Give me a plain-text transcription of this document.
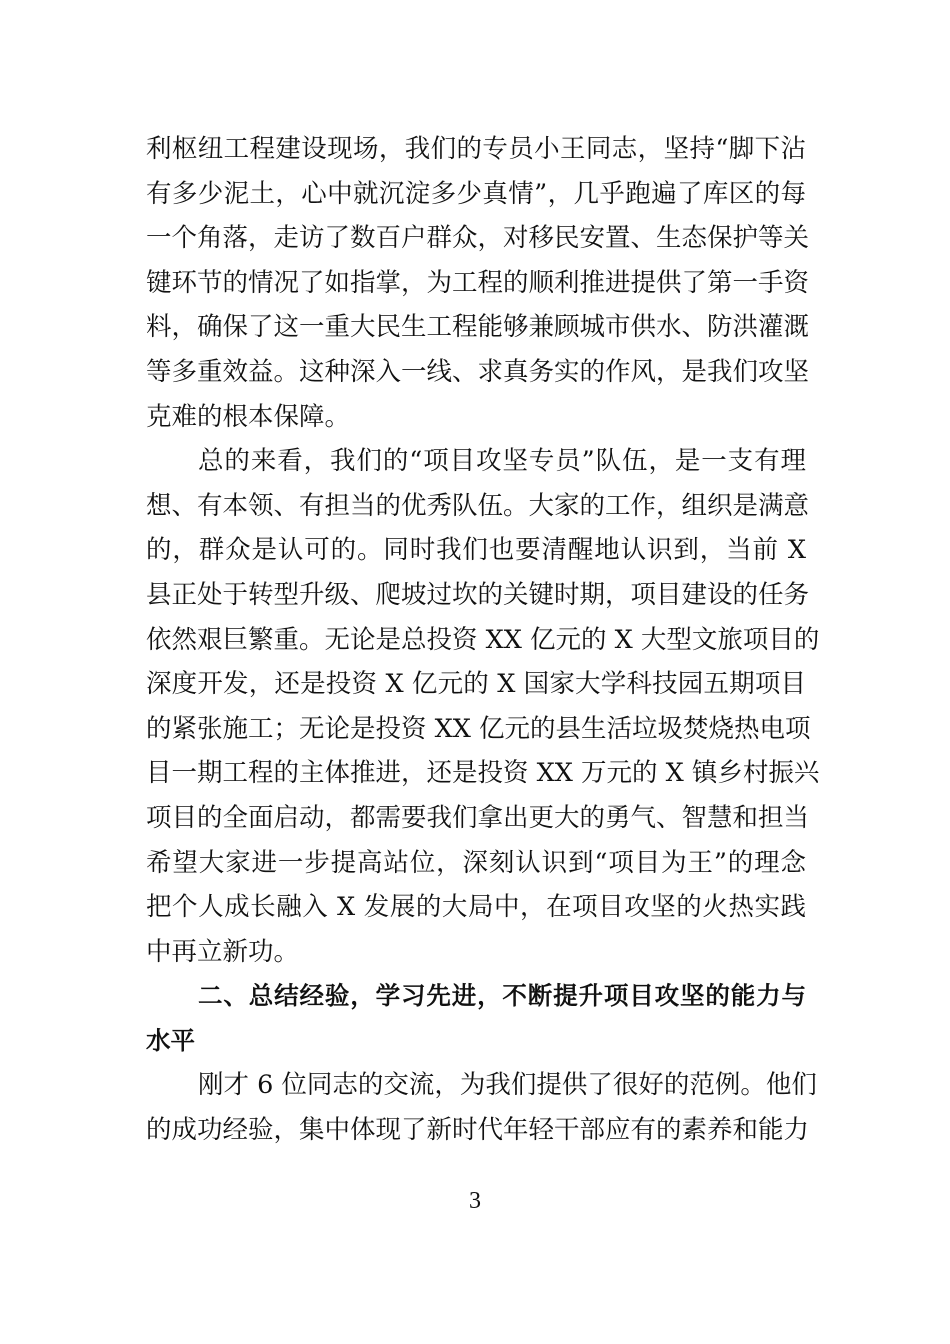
利枢纽工程建设现场，我们的专员小王同志，坚持“脚下沾
有多少泥土，心中就沉淀多少真情”，几乎跑遍了库区的每
一个角落，走访了数百户群众，对移民安置、生态保护等关
键环节的情况了如指掌，为工程的顺利推进提供了第一手资
料，确保了这一重大民生工程能够兼顾城市供水、防洪灌溉
等多重效益。这种深入一线、求真务实的作风，是我们攻坚
克难的根本保障。
总的来看，我们的“项目攻坚专员”队伍，是一支有理
想、有本领、有担当的优秀队伍。大家的工作，组织是满意
的，群众是认可的。同时我们也要清醒地认识到，当前 X
县正处于转型升级、爬坡过坎的关键时期，项目建设的任务
依然艰巨繁重。无论是总投资 XX 亿元的 X 大型文旅项目的
深度开发，还是投资 X 亿元的 X 国家大学科技园五期项目
的紧张施工；无论是投资 XX 亿元的县生活垃圾焚烧热电项
目一期工程的主体推进，还是投资 XX 万元的 X 镇乡村振兴
项目的全面启动，都需要我们拿出更大的勇气、智慧和担当
希望大家进一步提高站位，深刻认识到“项目为王”的理念
把个人成长融入 X 发展的大局中，在项目攻坚的火热实践
中再立新功。
二、总结经验，学习先进，不断提升项目攻坚的能力与
水平
刚才 6 位同志的交流，为我们提供了很好的范例。他们
的成功经验，集中体现了新时代年轻干部应有的素养和能力
3
